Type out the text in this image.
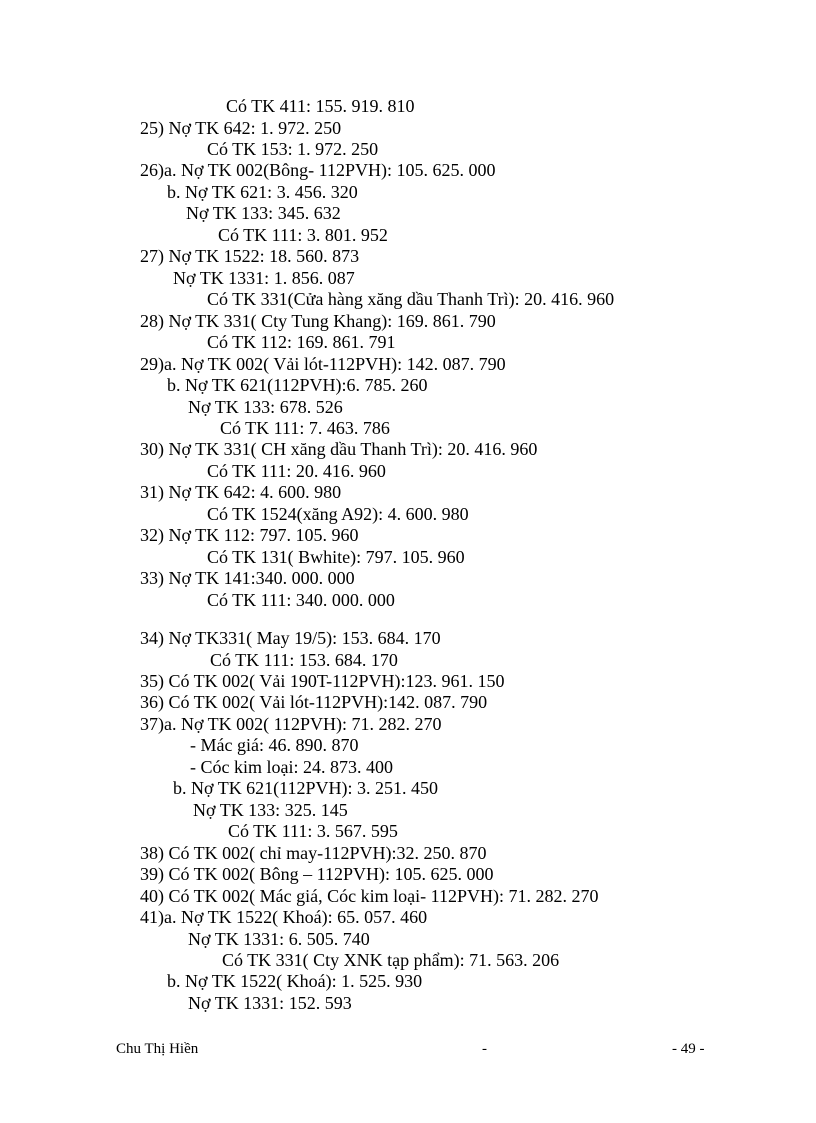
Có TK 411: 155. 919. 810
25) Nợ TK 642: 1. 972. 250
Có TK 153: 1. 972. 250
26)a. Nợ TK 002(Bông- 112PVH): 105. 625. 000
b. Nợ TK 621: 3. 456. 320
Nợ TK 133: 345. 632
Có TK 111: 3. 801. 952
27) Nợ TK 1522: 18. 560. 873
Nợ TK 1331: 1. 856. 087
Có TK 331(Cửa hàng xăng dầu Thanh Trì): 20. 416. 960
28) Nợ TK 331( Cty Tung Khang): 169. 861. 790
Có TK 112: 169. 861. 791
29)a. Nợ TK 002( Vải lót-112PVH): 142. 087. 790
b. Nợ TK 621(112PVH):6. 785. 260
Nợ TK 133: 678. 526
Có TK 111: 7. 463. 786
30) Nợ TK 331( CH xăng dầu Thanh Trì): 20. 416. 960
Có TK 111: 20. 416. 960
31) Nợ TK 642: 4. 600. 980
Có TK 1524(xăng A92): 4. 600. 980
32) Nợ TK 112: 797. 105. 960
Có TK 131( Bwhite): 797. 105. 960
33) Nợ TK 141:340. 000. 000
Có TK 111: 340. 000. 000
34) Nợ TK331( May 19/5): 153. 684. 170
Có TK 111: 153. 684. 170
35) Có TK 002( Vải 190T-112PVH):123. 961. 150
36) Có TK 002( Vải lót-112PVH):142. 087. 790
37)a. Nợ TK 002( 112PVH): 71. 282. 270
- Mác giá: 46. 890. 870
- Cóc kim loại: 24. 873. 400
b. Nợ TK 621(112PVH): 3. 251. 450
Nợ TK 133: 325. 145
Có TK 111: 3. 567. 595
38) Có TK 002( chỉ may-112PVH):32. 250. 870
39) Có TK 002( Bông – 112PVH): 105. 625. 000
40) Có TK 002( Mác giá, Cóc kim loại- 112PVH): 71. 282. 270
41)a. Nợ TK 1522( Khoá): 65. 057. 460
Nợ TK 1331: 6. 505. 740
Có TK 331( Cty XNK tạp phẩm): 71. 563. 206
b. Nợ TK 1522( Khoá): 1. 525. 930
Nợ TK 1331: 152. 593
Chu Thị Hiền	-	- 49 -
